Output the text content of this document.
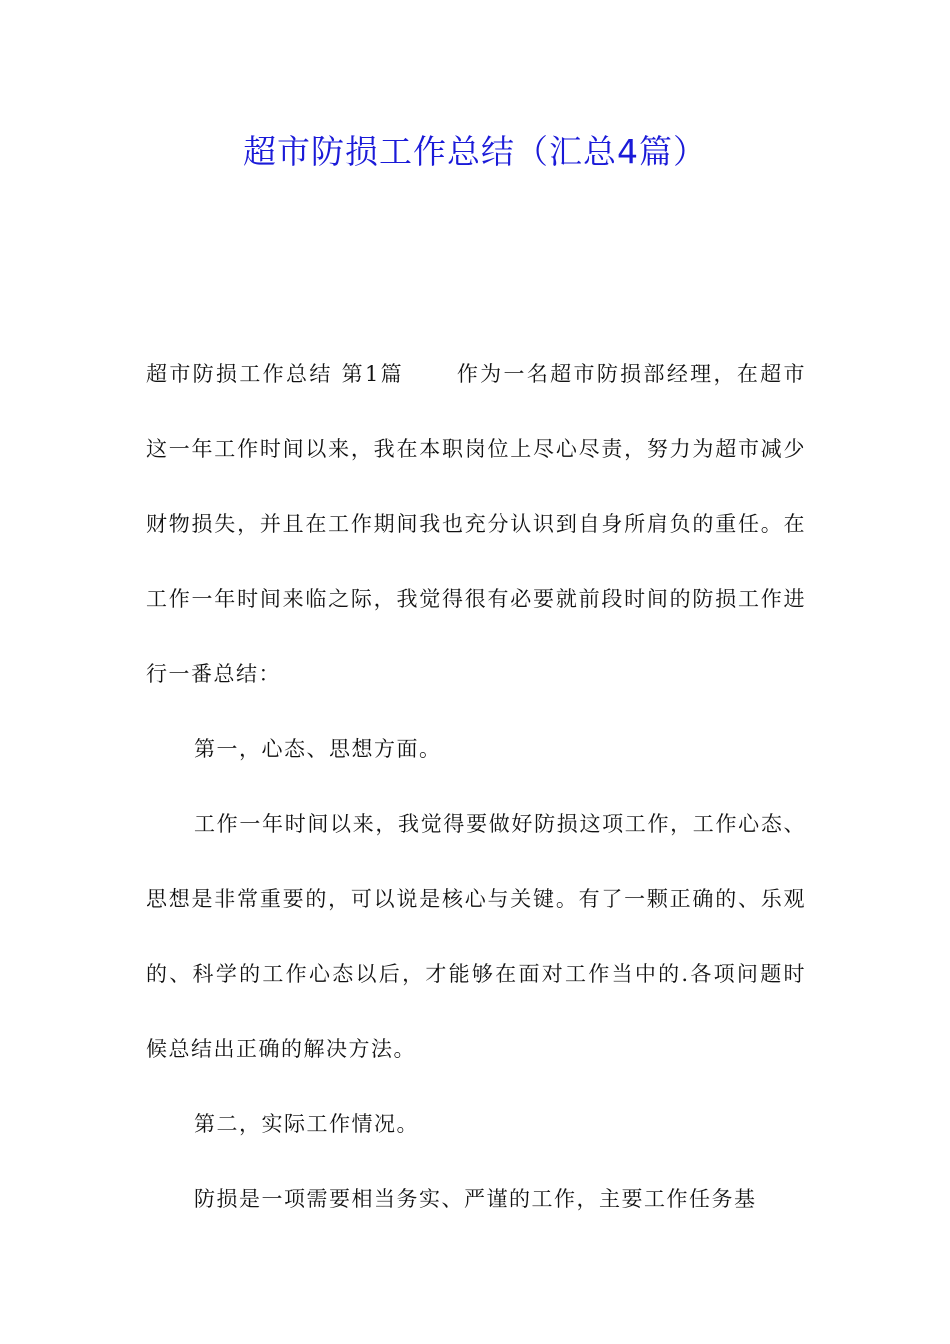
超市防损工作总结（汇总4篇）

超市防损工作总结 第1篇 作为一名超市防损部经理，在超市这一年工作时间以来，我在本职岗位上尽心尽责，努力为超市减少财物损失，并且在工作期间我也充分认识到自身所肩负的重任。在工作一年时间来临之际，我觉得很有必要就前段时间的防损工作进行一番总结：

第一，心态、思想方面。

工作一年时间以来，我觉得要做好防损这项工作，工作心态、思想是非常重要的，可以说是核心与关键。有了一颗正确的、乐观的、科学的工作心态以后，才能够在面对工作当中的.各项问题时候总结出正确的解决方法。

第二，实际工作情况。

防损是一项需要相当务实、严谨的工作，主要工作任务基
